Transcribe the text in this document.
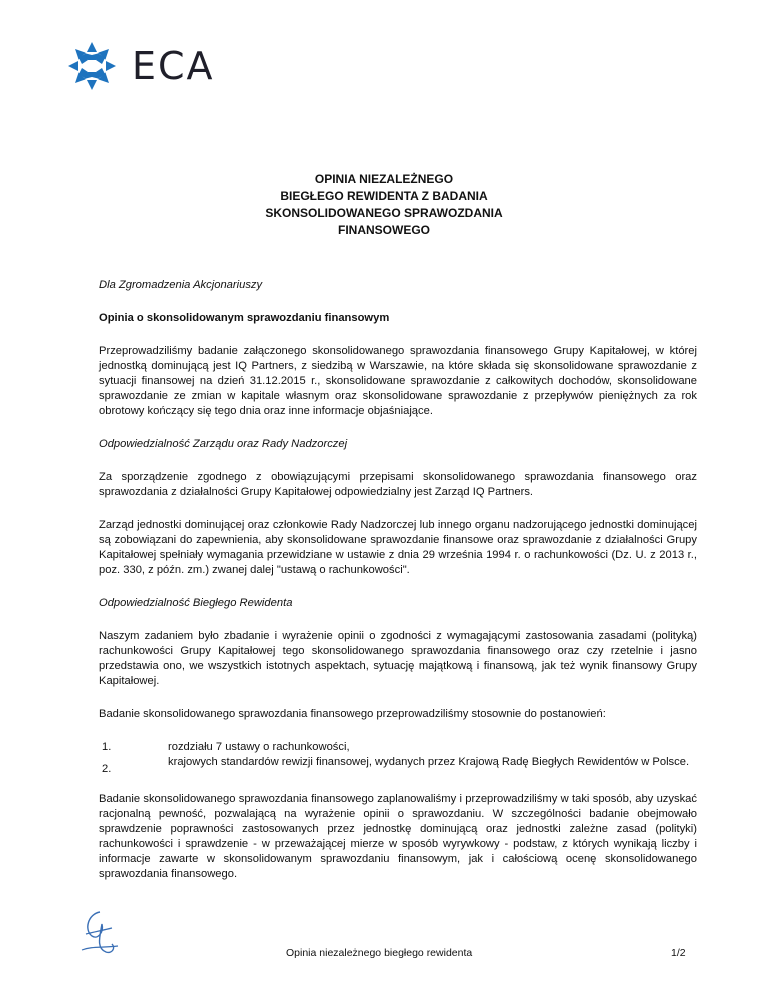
ECA
OPINIA NIEZALEŻNEGO
BIEGŁEGO REWIDENTA Z BADANIA
SKONSOLIDOWANEGO SPRAWOZDANIA
FINANSOWEGO

Dla Zgromadzenia Akcjonariuszy

Opinia o skonsolidowanym sprawozdaniu finansowym

Przeprowadziliśmy badanie załączonego skonsolidowanego sprawozdania finansowego Grupy Kapitałowej, w której jednostką dominującą jest IQ Partners, z siedzibą w Warszawie, na które składa się skonsolidowane sprawozdanie z sytuacji finansowej na dzień 31.12.2015 r., skonsolidowane sprawozdanie z całkowitych dochodów, skonsolidowane sprawozdanie ze zmian w kapitale własnym oraz skonsolidowane sprawozdanie z przepływów pieniężnych za rok obrotowy kończący się tego dnia oraz inne informacje objaśniające.

Odpowiedzialność Zarządu oraz Rady Nadzorczej

Za sporządzenie zgodnego z obowiązującymi przepisami skonsolidowanego sprawozdania finansowego oraz sprawozdania z działalności Grupy Kapitałowej odpowiedzialny jest Zarząd IQ Partners.

Zarząd jednostki dominującej oraz członkowie Rady Nadzorczej lub innego organu nadzorującego jednostki dominującej są zobowiązani do zapewnienia, aby skonsolidowane sprawozdanie finansowe oraz sprawozdanie z działalności Grupy Kapitałowej spełniały wymagania przewidziane w ustawie z dnia 29 września 1994 r. o rachunkowości (Dz. U. z 2013 r., poz. 330, z późn. zm.) zwanej dalej "ustawą o rachunkowości".

Odpowiedzialność Biegłego Rewidenta

Naszym zadaniem było zbadanie i wyrażenie opinii o zgodności z wymagającymi zastosowania zasadami (polityką) rachunkowości Grupy Kapitałowej tego skonsolidowanego sprawozdania finansowego oraz czy rzetelnie i jasno przedstawia ono, we wszystkich istotnych aspektach, sytuację majątkową i finansową, jak też wynik finansowy Grupy Kapitałowej.

Badanie skonsolidowanego sprawozdania finansowego przeprowadziliśmy stosownie do postanowień:

1.	rozdziału 7 ustawy o rachunkowości,
2.
krajowych standardów rewizji finansowej, wydanych przez Krajową Radę Biegłych Rewidentów w Polsce.

Badanie skonsolidowanego sprawozdania finansowego zaplanowaliśmy i przeprowadziliśmy w taki sposób, aby uzyskać racjonalną pewność, pozwalającą na wyrażenie opinii o sprawozdaniu. W szczególności badanie obejmowało sprawdzenie poprawności zastosowanych przez jednostkę dominującą oraz jednostki zależne zasad (polityki) rachunkowości i sprawdzenie - w przeważającej mierze w sposób wyrywkowy - podstaw, z których wynikają liczby i informacje zawarte w skonsolidowanym sprawozdaniu finansowym, jak i całościową ocenę skonsolidowanego sprawozdania finansowego.

Opinia niezależnego biegłego rewidenta	1/2
